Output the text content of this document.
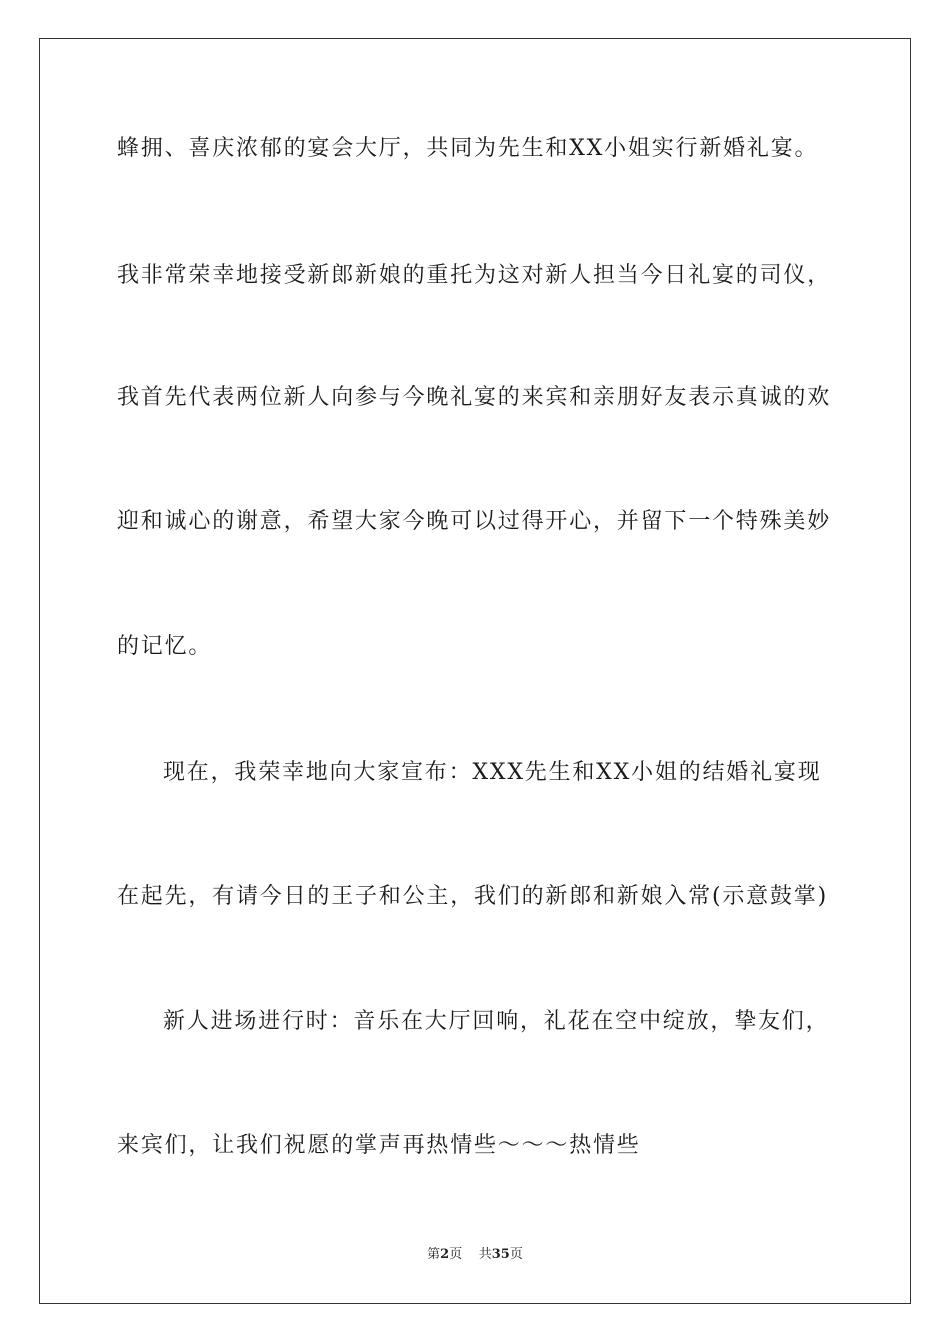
蜂拥、喜庆浓郁的宴会大厅，共同为先生和XX小姐实行新婚礼宴。
我非常荣幸地接受新郎新娘的重托为这对新人担当今日礼宴的司仪，
我首先代表两位新人向参与今晚礼宴的来宾和亲朋好友表示真诚的欢
迎和诚心的谢意，希望大家今晚可以过得开心，并留下一个特殊美妙
的记忆。
现在，我荣幸地向大家宣布：XXX先生和XX小姐的结婚礼宴现
在起先，有请今日的王子和公主，我们的新郎和新娘入常(示意鼓掌)
新人进场进行时：音乐在大厅回响，礼花在空中绽放，挚友们，
来宾们，让我们祝愿的掌声再热情些～～～热情些
第2页 共35页
